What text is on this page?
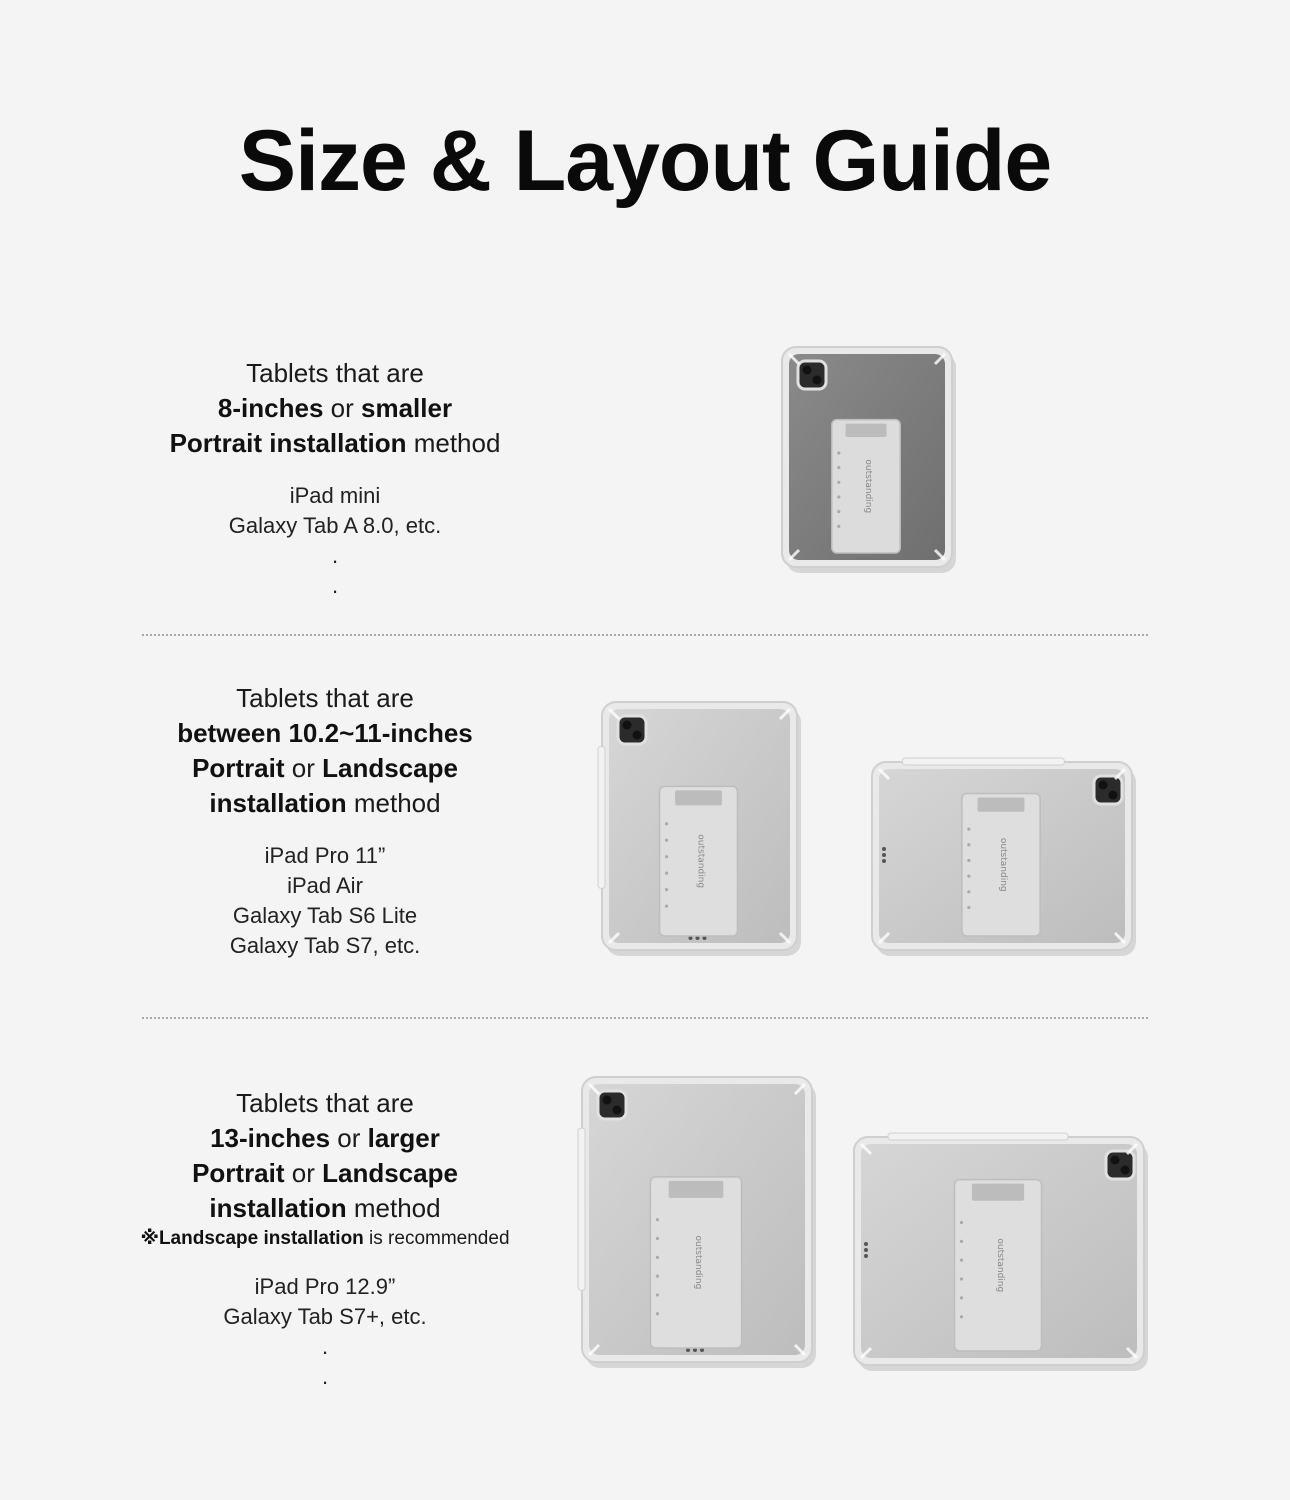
Size & Layout Guide
Tablets that are
8-inches or smaller
Portrait installation method
iPad mini
Galaxy Tab A 8.0, etc.
.
.
outstanding
Tablets that are
between 10.2~11-inches
Portrait or Landscape
installation method
iPad Pro 11”
iPad Air
Galaxy Tab S6 Lite
Galaxy Tab S7, etc.
outstanding	outstanding
Tablets that are
13-inches or larger
Portrait or Landscape
installation method
※Landscape installation is recommended
iPad Pro 12.9”
Galaxy Tab S7+, etc.
.
.
outstanding	outstanding
